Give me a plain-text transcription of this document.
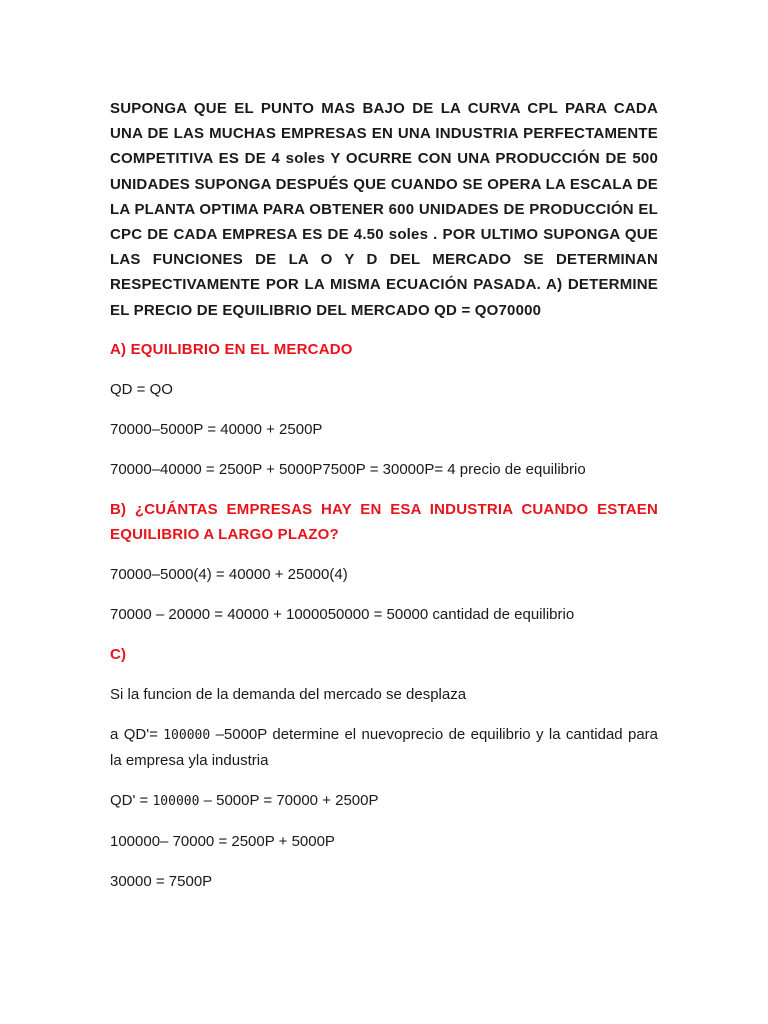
SUPONGA QUE EL PUNTO MAS BAJO DE LA CURVA CPL PARA CADA UNA DE LAS MUCHAS EMPRESAS EN UNA INDUSTRIA PERFECTAMENTE COMPETITIVA ES DE 4 soles Y OCURRE CON UNA PRODUCCIÓN DE 500 UNIDADES SUPONGA DESPUÉS QUE CUANDO SE OPERA LA ESCALA DE LA PLANTA OPTIMA PARA OBTENER 600 UNIDADES DE PRODUCCIÓN EL CPC DE CADA EMPRESA ES DE 4.50 soles . POR ULTIMO SUPONGA QUE LAS FUNCIONES DE LA O Y D DEL MERCADO SE DETERMINAN RESPECTIVAMENTE POR LA MISMA ECUACIÓN PASADA. A) DETERMINE EL PRECIO DE EQUILIBRIO DEL MERCADO QD = QO70000

A) EQUILIBRIO EN EL MERCADO

QD = QO

70000–5000P = 40000 + 2500P

70000–40000 = 2500P + 5000P7500P = 30000P= 4 precio de equilibrio

B) ¿CUÁNTAS EMPRESAS HAY EN ESA INDUSTRIA CUANDO ESTAEN EQUILIBRIO A LARGO PLAZO?

70000–5000(4) = 40000 + 25000(4)

70000 – 20000 = 40000 + 1000050000 = 50000 cantidad de equilibrio

C)

Si la funcion de la demanda del mercado se desplaza

a QD'= 100000 –5000P determine el nuevoprecio de equilibrio y la cantidad para la empresa yla industria

QD' = 100000 – 5000P = 70000 + 2500P

100000– 70000 = 2500P + 5000P

30000 = 7500P
